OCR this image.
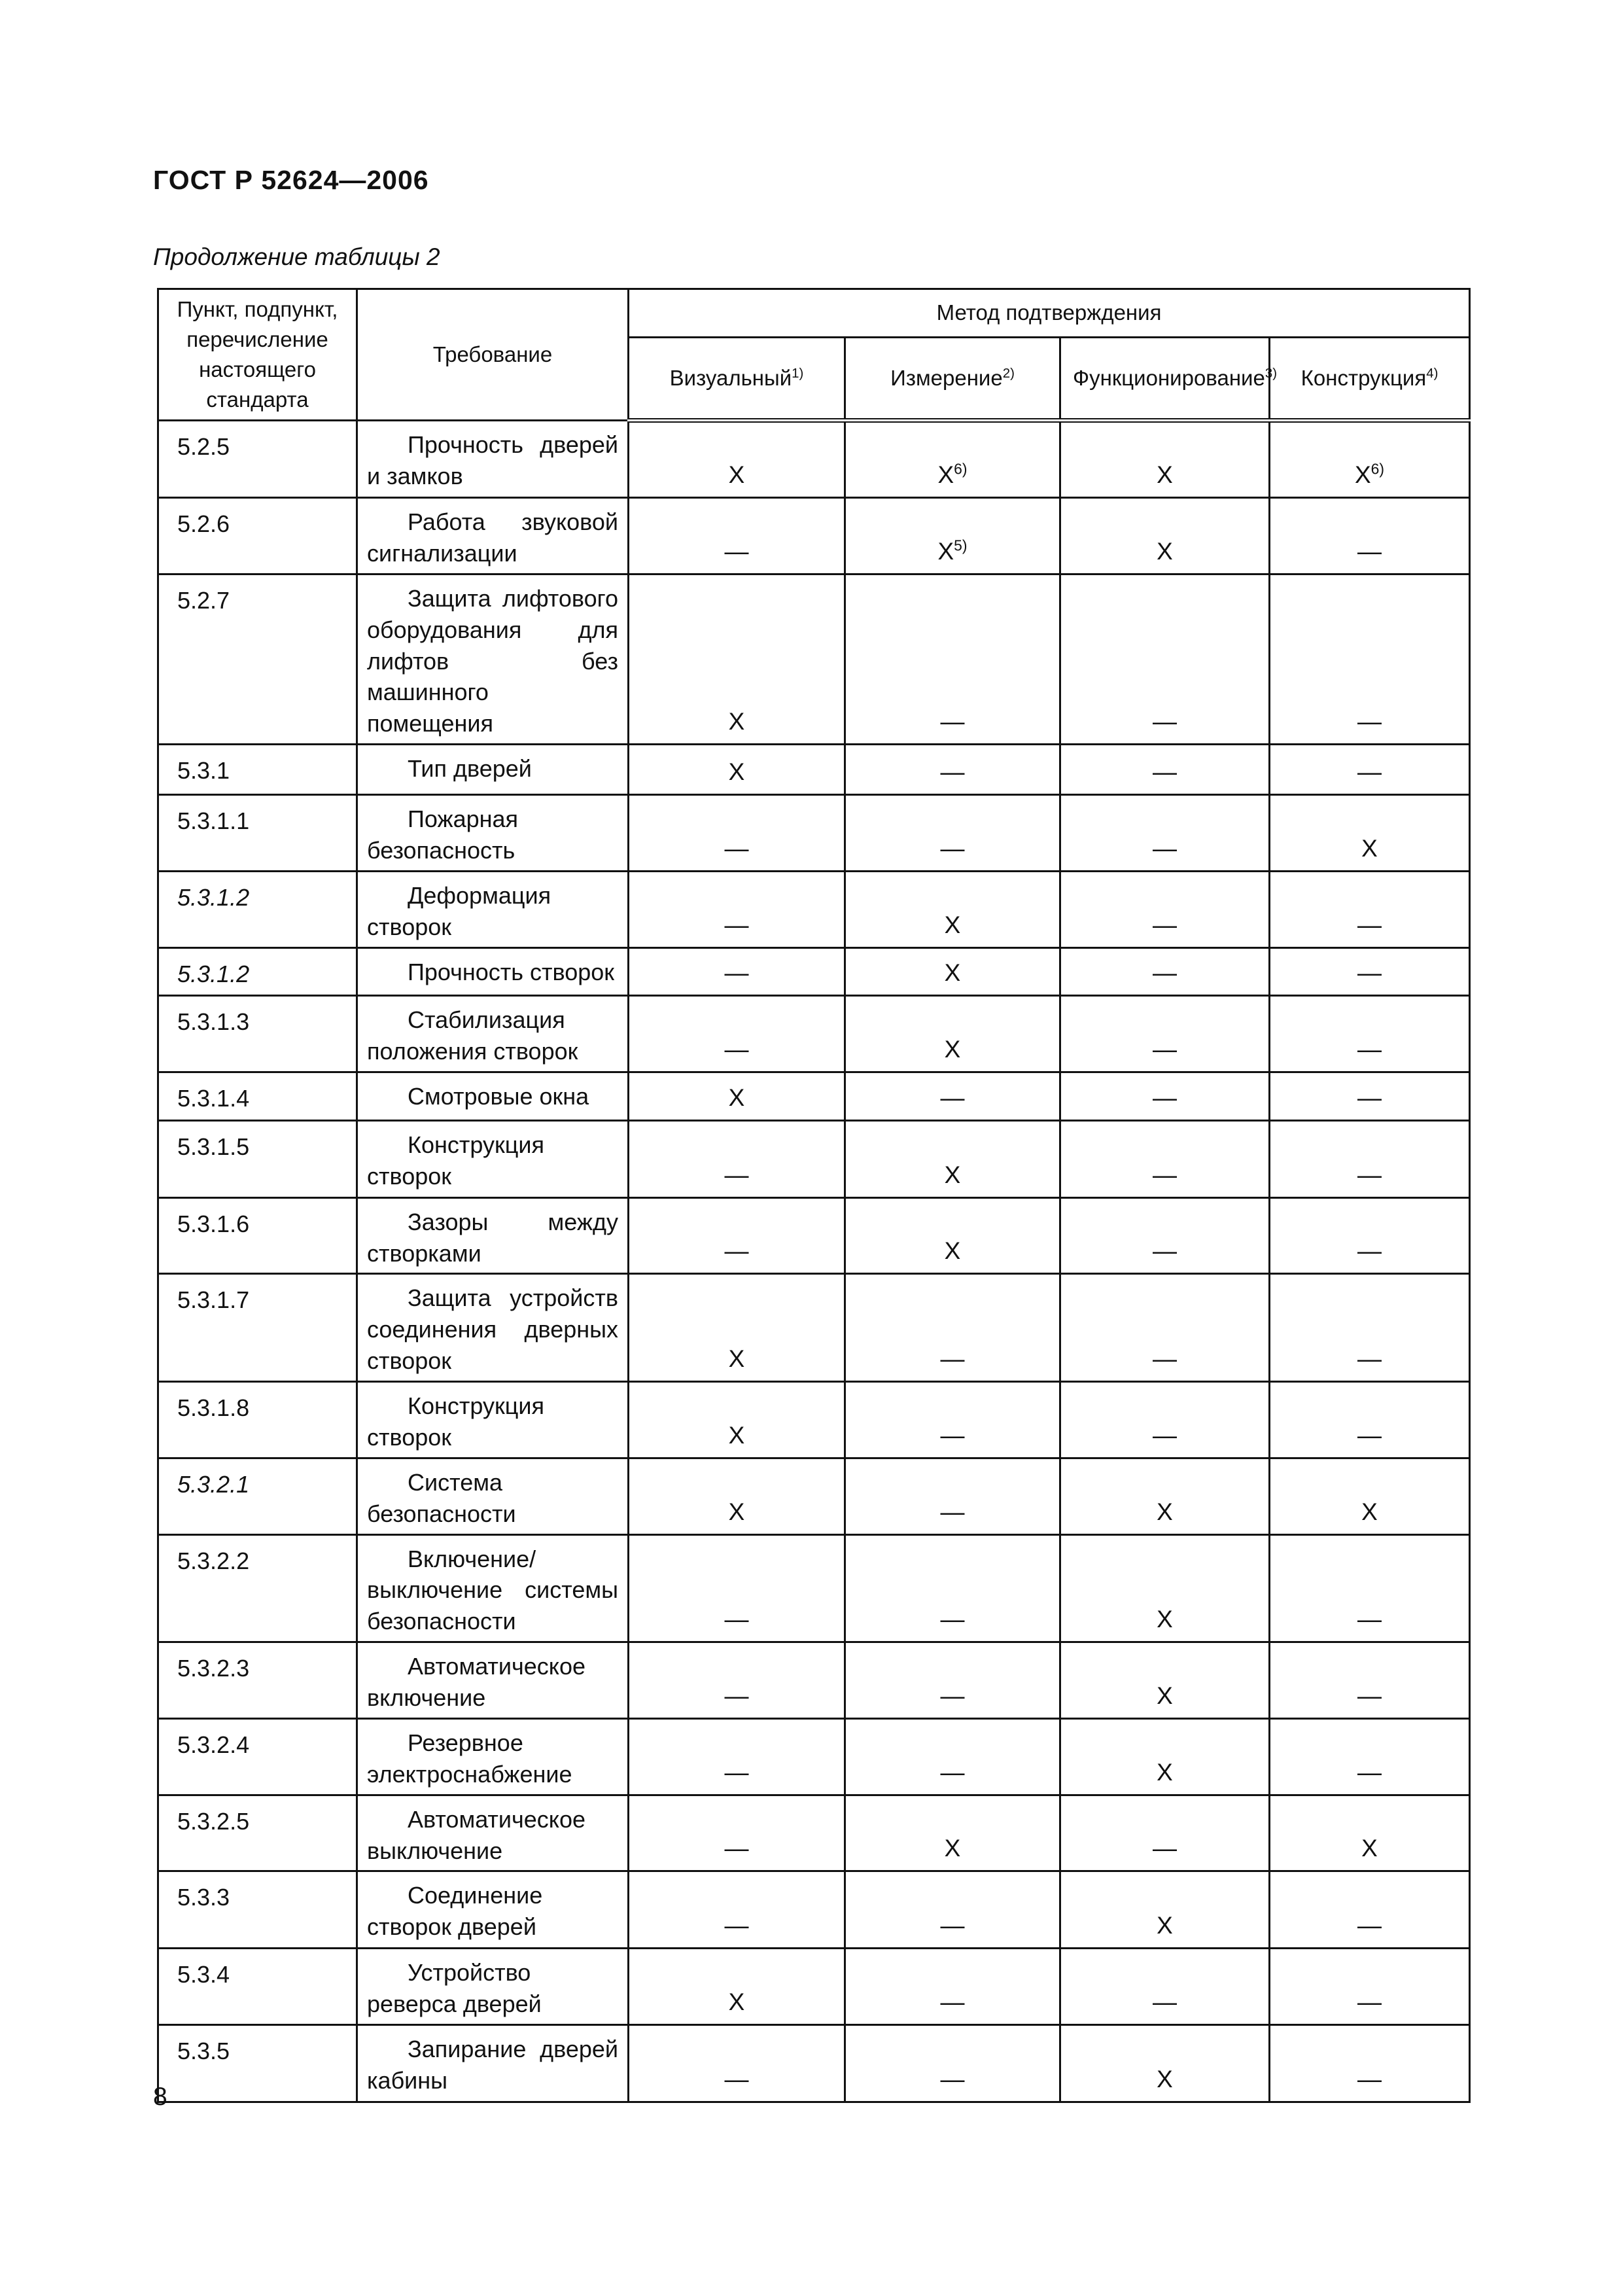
ГОСТ Р 52624—2006
Продолжение таблицы 2
Пункт, подпункт, перечисление настоящего стандарта	Требование	Метод подтверждения			
		Визуальный$^{1)}$	Измерение$^{2)}$	Функционирование$^{3)}$	Конструкция$^{4)}$
5.2.5	Прочность дверей и замков	X	$X^{6)}$	X	$X^{6)}$
5.2.6	Работа звуковой сигнализации	—	$X^{5)}$	X	—
5.2.7	Защита лифтового оборудования для лифтов без машинного помещения	X	—	—	—
5.3.1	Тип дверей	X	—	—	—
5.3.1.1	Пожарная безопасность	—	—	—	X
5.3.1.2	Деформация створок	—	X	—	—
5.3.1.2	Прочность створок	—	X	—	—
5.3.1.3	Стабилизация положения створок	—	X	—	—
5.3.1.4	Смотровые окна	X	—	—	—
5.3.1.5	Конструкция створок	—	X	—	—
5.3.1.6	Зазоры между створками	—	X	—	—
5.3.1.7	Защита устройств соединения дверных створок	X	—	—	—
5.3.1.8	Конструкция створок	X	—	—	—
5.3.2.1	Система безопасности	X	—	X	X
5.3.2.2	Включение/выключение системы безопасности	—	—	X	—
5.3.2.3	Автоматическое включение	—	—	X	—
5.3.2.4	Резервное электроснабжение	—	—	X	—
5.3.2.5	Автоматическое выключение	—	X	—	X
5.3.3	Соединение створок дверей	—	—	X	—
5.3.4	Устройство реверса дверей	X	—	—	—
5.3.5	Запирание дверей кабины	—	—	X	—
8
